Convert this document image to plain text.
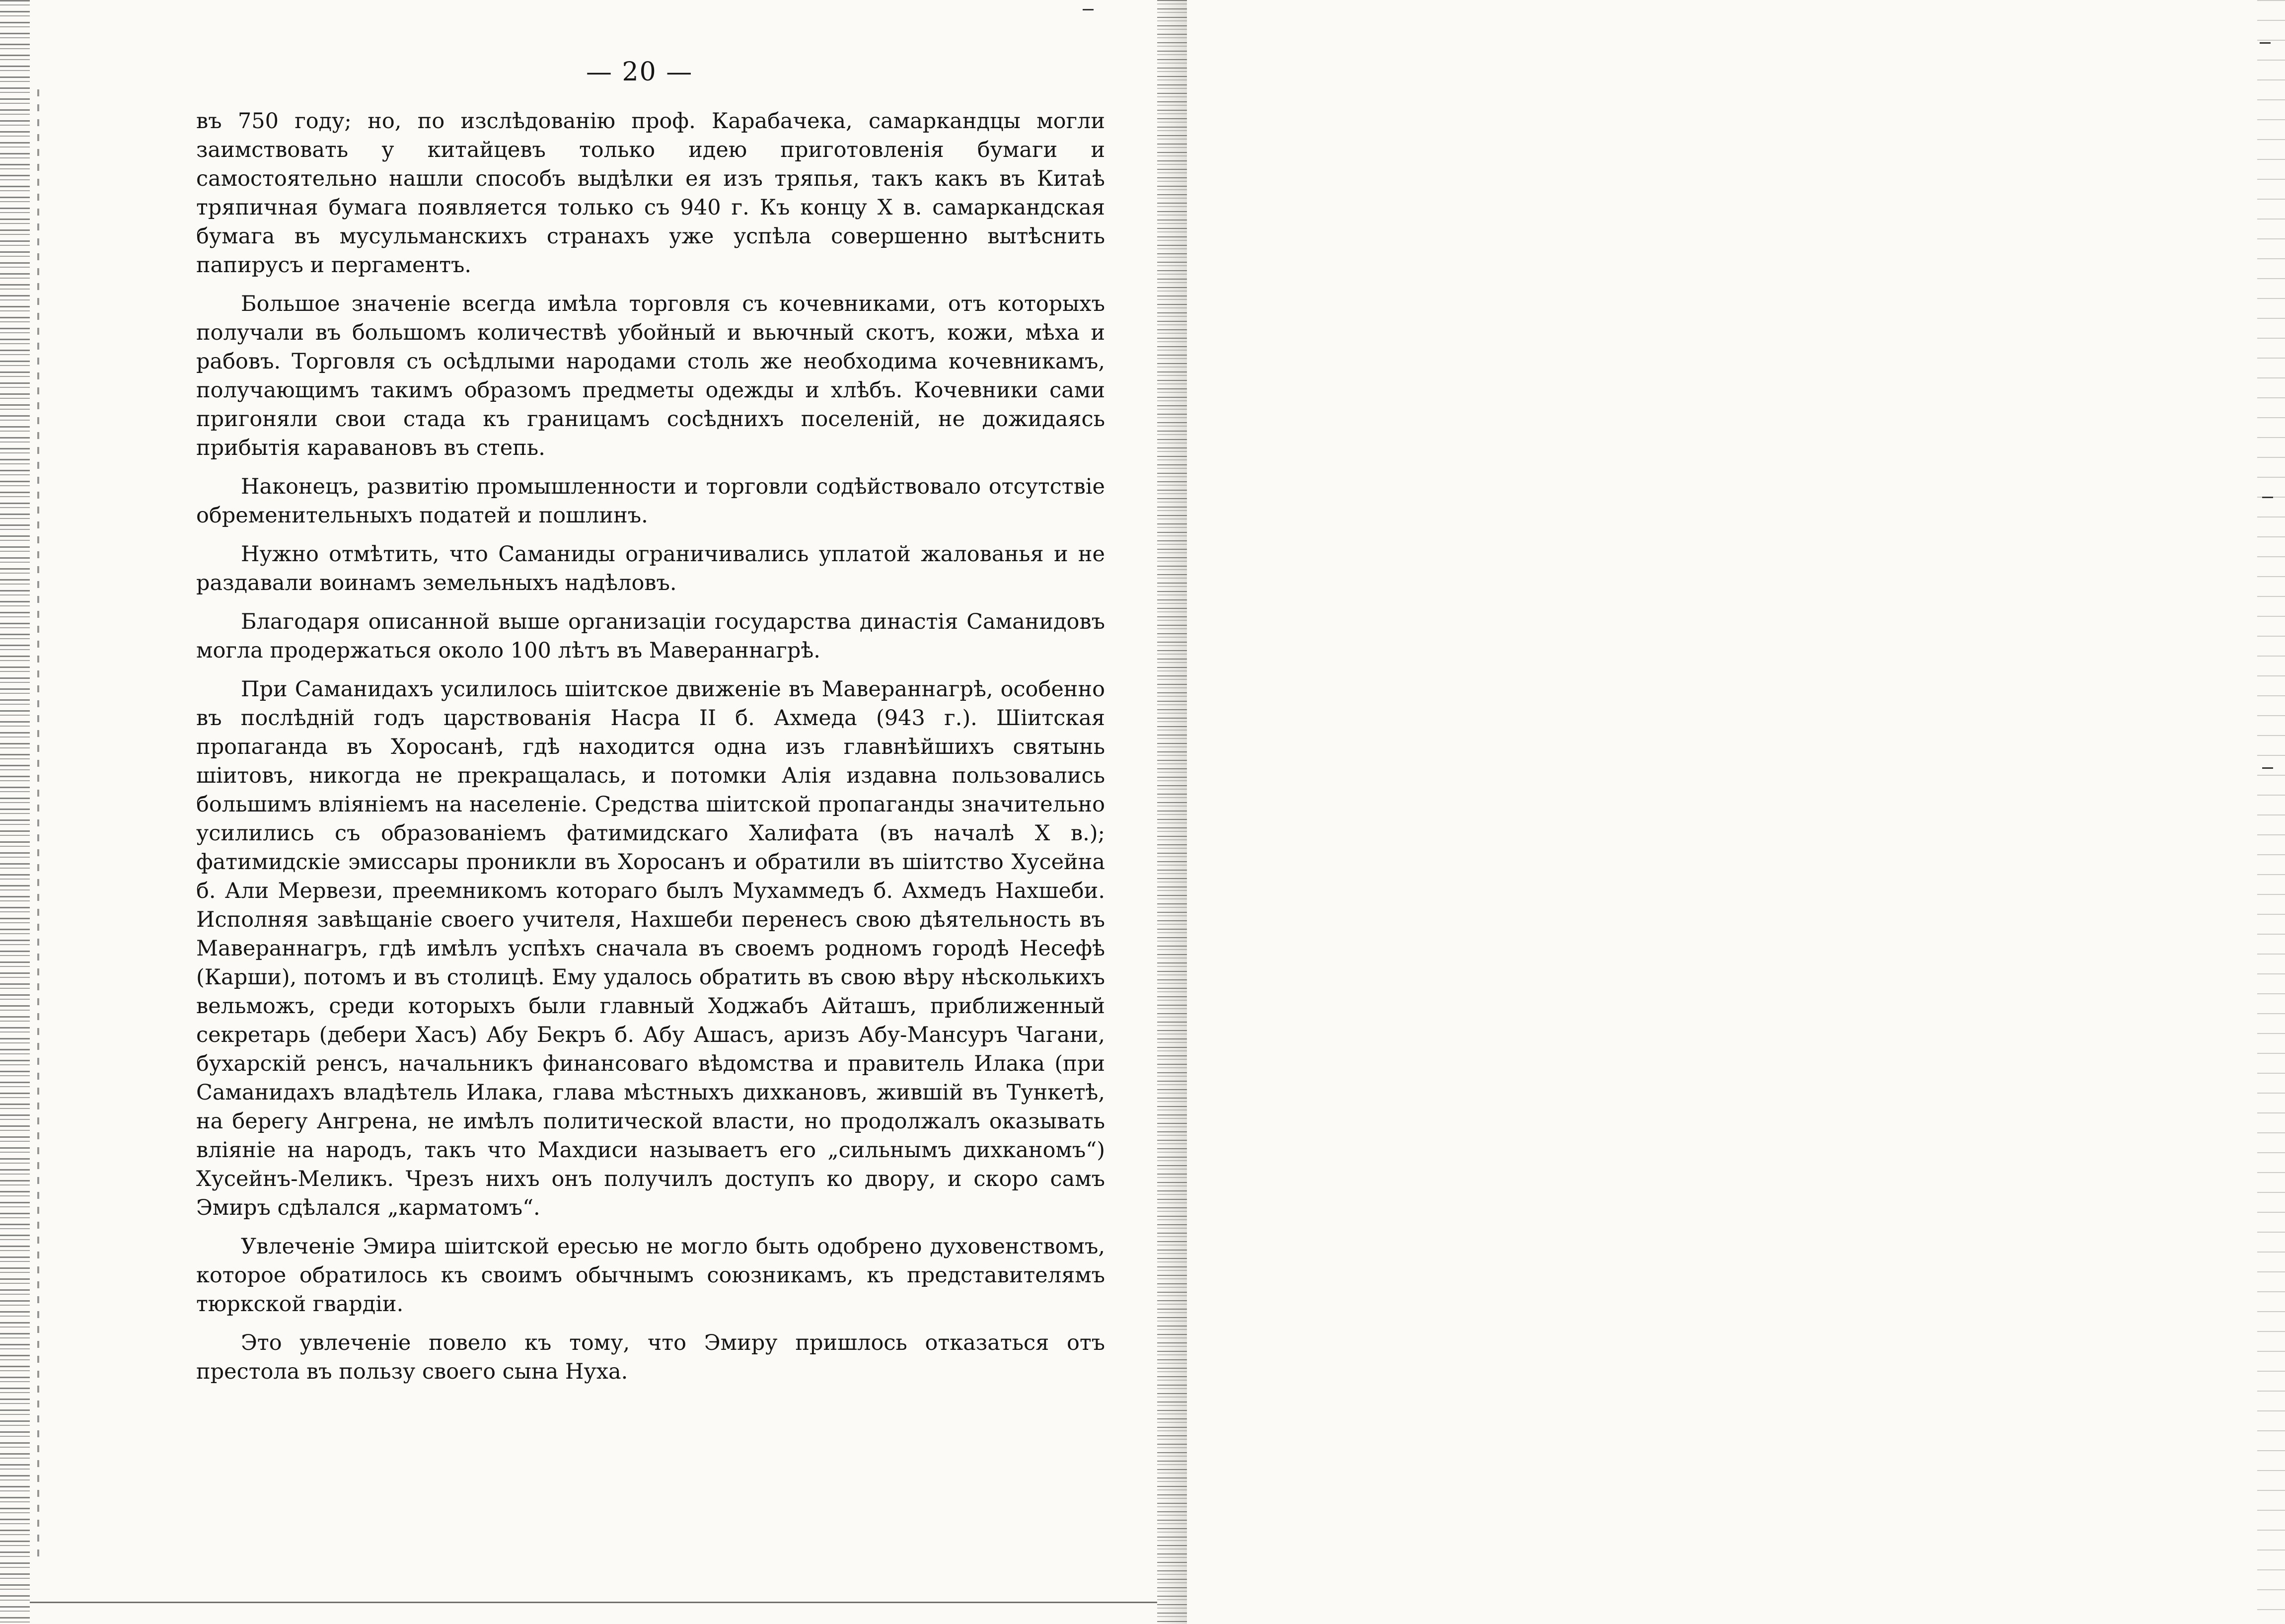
— 20 —

въ 750 году; но, по изслѣдованію проф. Карабачека, самаркандцы могли заимствовать у китайцевъ только идею приготовленія бумаги и самостоятельно нашли способъ выдѣлки ея изъ тряпья, такъ какъ въ Китаѣ тряпичная бумага появляется только съ 940 г. Къ концу X в. самаркандская бумага въ мусульманскихъ странахъ уже успѣла совершенно вытѣснить папирусъ и пергаментъ.

Большое значеніе всегда имѣла торговля съ кочевниками, отъ которыхъ получали въ большомъ количествѣ убойный и вьючный скотъ, кожи, мѣха и рабовъ. Торговля съ осѣдлыми народами столь же необходима кочевникамъ, получающимъ такимъ образомъ предметы одежды и хлѣбъ. Кочевники сами пригоняли свои стада къ границамъ сосѣднихъ поселеній, не дожидаясь прибытія каравановъ въ степь.

Наконецъ, развитію промышленности и торговли содѣйствовало отсутствіе обременительныхъ податей и пошлинъ.

Нужно отмѣтить, что Саманиды ограничивались уплатой жалованья и не раздавали воинамъ земельныхъ надѣловъ.

Благодаря описанной выше организаціи государства династія Саманидовъ могла продержаться около 100 лѣтъ въ Мавераннагрѣ.

При Саманидахъ усилилось шіитское движеніе въ Мавераннагрѣ, особенно въ послѣдній годъ царствованія Насра II б. Ахмеда (943 г.). Шіитская пропаганда въ Хоросанѣ, гдѣ находится одна изъ главнѣйшихъ святынь шіитовъ, никогда не прекращалась, и потомки Алія издавна пользовались большимъ вліяніемъ на населеніе. Средства шіитской пропаганды значительно усилились съ образованіемъ фатимидскаго Халифата (въ началѣ X в.); фатимидскіе эмиссары проникли въ Хоросанъ и обратили въ шіитство Хусейна б. Али Мервези, преемникомъ котораго былъ Мухаммедъ б. Ахмедъ Нахшеби. Исполняя завѣщаніе своего учителя, Нахшеби перенесъ свою дѣятельность въ Мавераннагръ, гдѣ имѣлъ успѣхъ сначала въ своемъ родномъ городѣ Несефѣ (Карши), потомъ и въ столицѣ. Ему удалось обратить въ свою вѣру нѣсколькихъ вельможъ, среди которыхъ были главный Ходжабъ Айташъ, приближенный секретарь (дебери Хасъ) Абу Бекръ б. Абу Ашасъ, аризъ Абу-Мансуръ Чагани, бухарскій ренсъ, начальникъ финансоваго вѣдомства и правитель Илака (при Саманидахъ владѣтель Илака, глава мѣстныхъ дихкановъ, жившій въ Тункетѣ, на берегу Ангрена, не имѣлъ политической власти, но продолжалъ оказывать вліяніе на народъ, такъ что Махдиси называетъ его „сильнымъ дихканомъ“) Хусейнъ-Меликъ. Чрезъ нихъ онъ получилъ доступъ ко двору, и скоро самъ Эмиръ сдѣлался „карматомъ“.

Увлеченіе Эмира шіитской ересью не могло быть одобрено духовенствомъ, которое обратилось къ своимъ обычнымъ союзникамъ, къ представителямъ тюркской гвардіи.

Это увлеченіе повело къ тому, что Эмиру пришлось отказаться отъ престола въ пользу своего сына Нуха.
